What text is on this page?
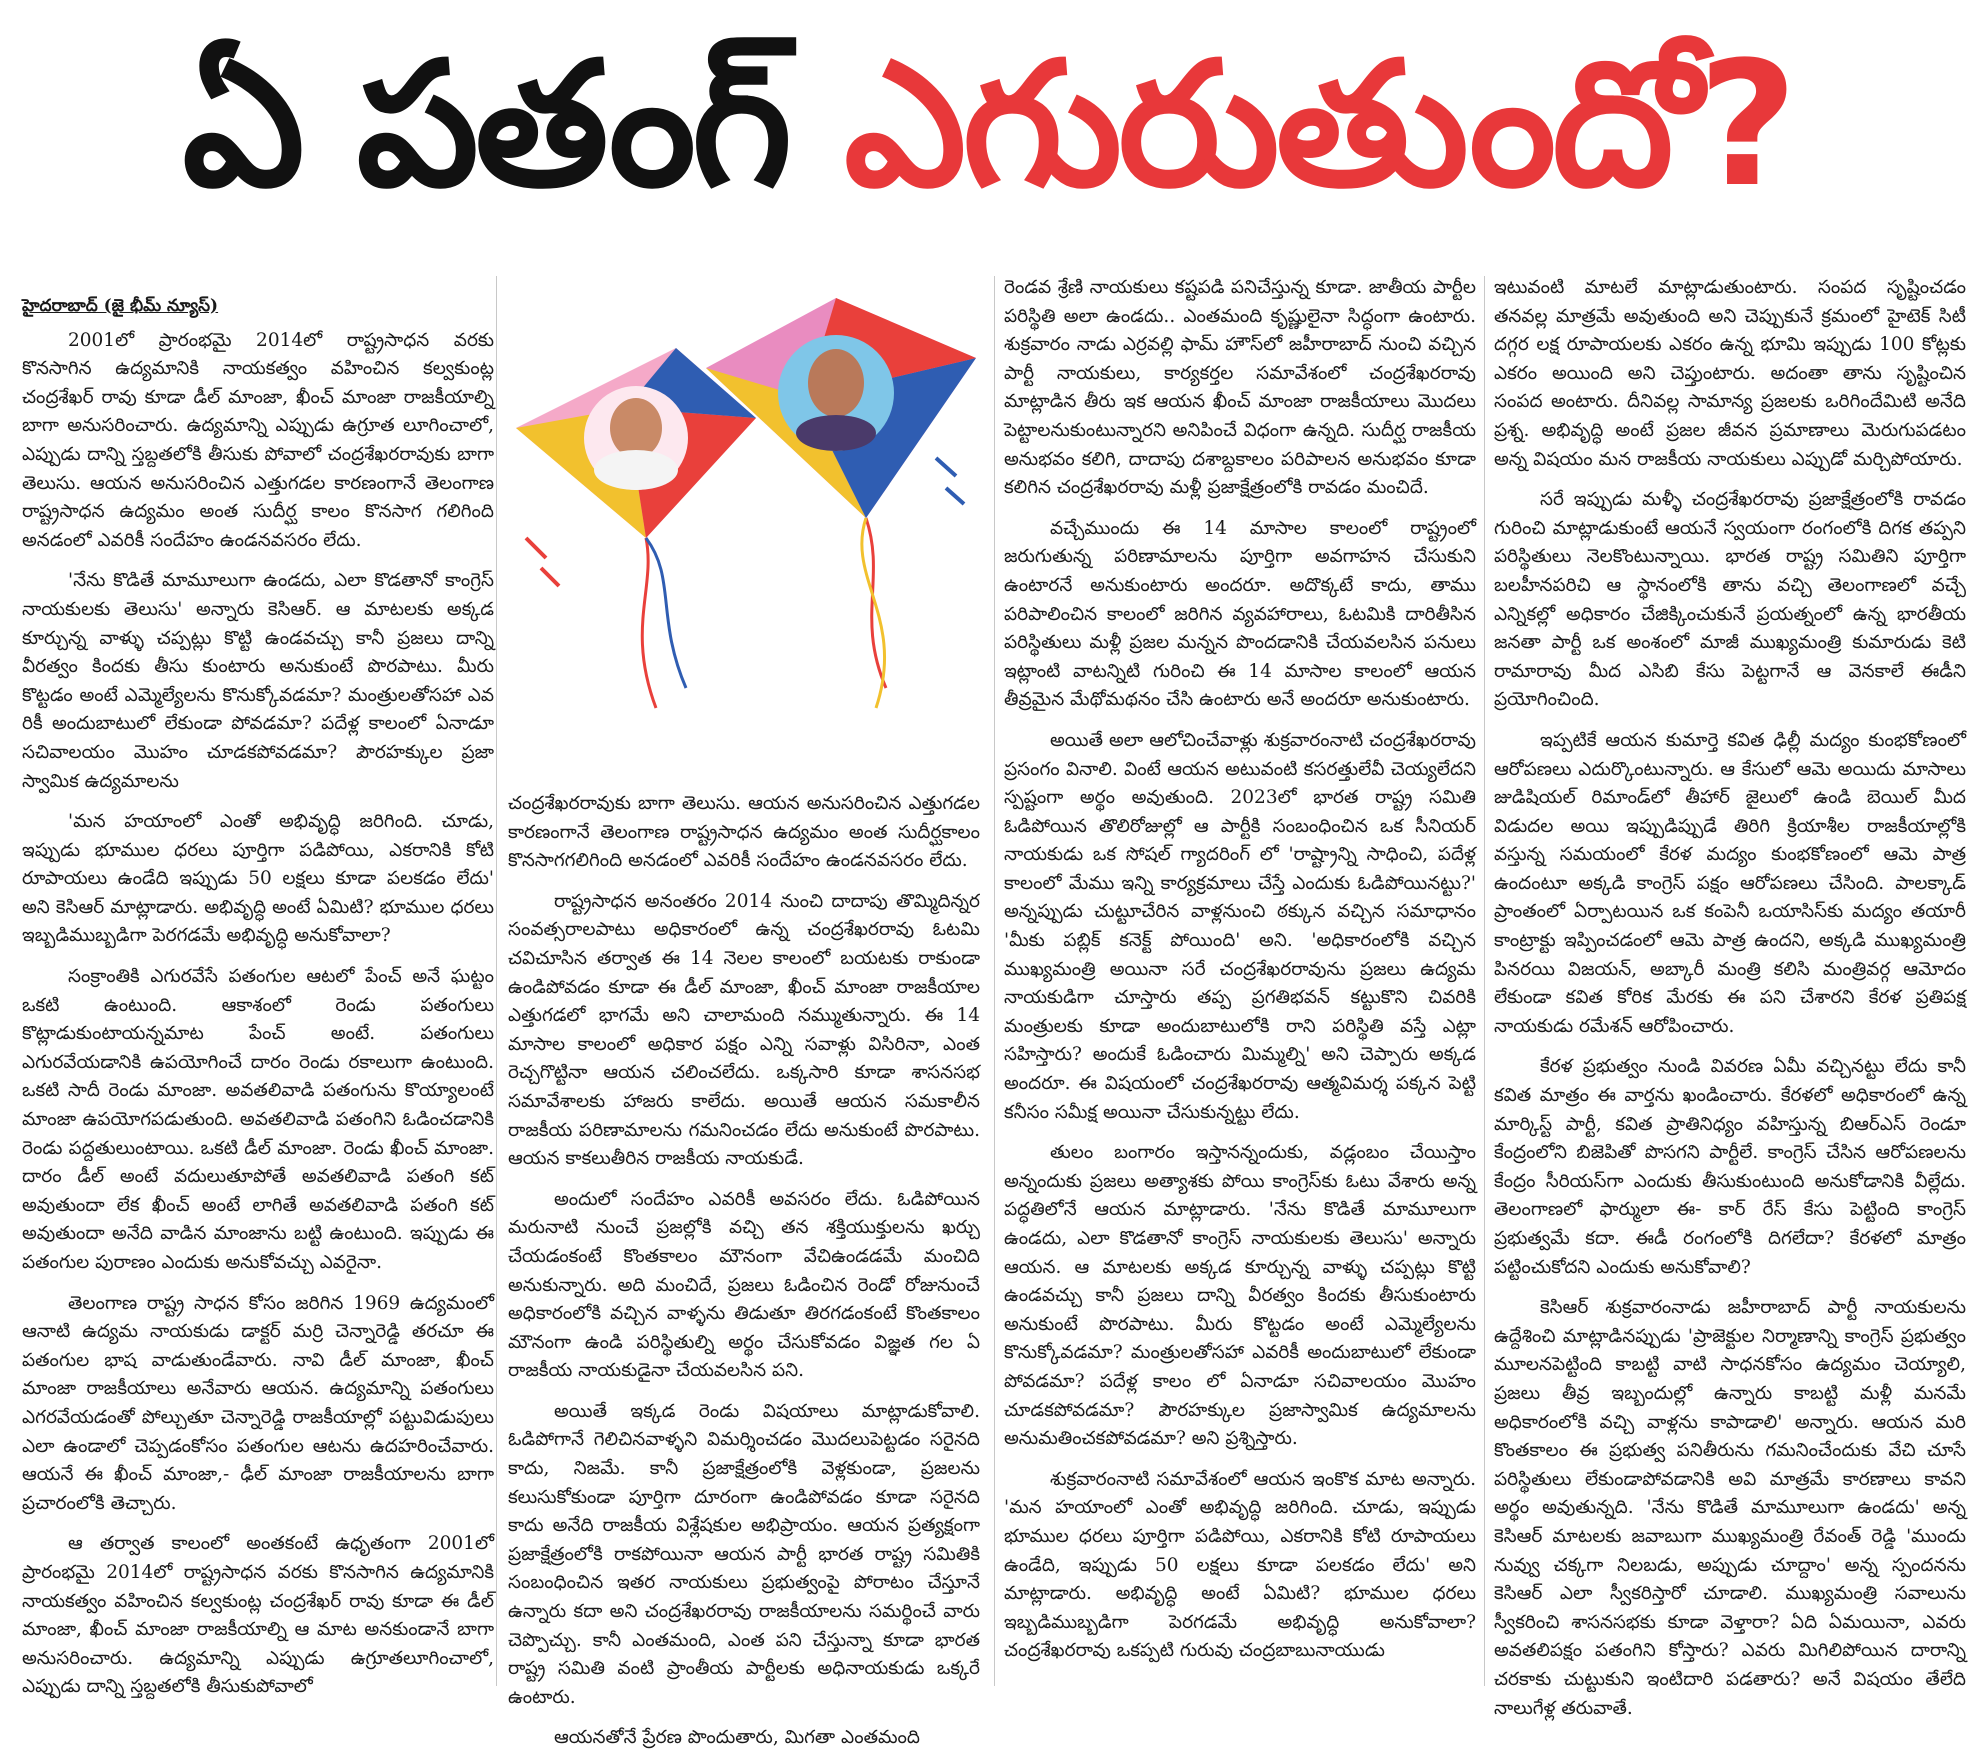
ఏ పతంగ్ ఎగురుతుందో?
హైదరాబాద్ (జై భీమ్ న్యూస్)

2001లో ప్రారంభమై 2014లో రాష్ట్రసాధన వరకు కొనసాగిన ఉద్యమానికి నాయకత్వం వహించిన కల్వకుంట్ల చంద్రశేఖర్ రావు కూడా డీల్ మాంజా, ఖీంచ్ మాంజా రాజకీయాల్ని బాగా అనుసరించారు. ఉద్యమాన్ని ఎప్పుడు ఉగ్రూత లూగించాలో, ఎప్పుడు దాన్ని స్తబ్దతలోకి తీసుకు పోవాలో చంద్రశేఖరరావుకు బాగా తెలుసు. ఆయన అనుసరించిన ఎత్తుగడల కారణంగానే తెలంగాణ రాష్ట్రసాధన ఉద్యమం అంత సుదీర్ఘ కాలం కొనసాగ గలిగింది అనడంలో ఎవరికీ సందేహం ఉండనవసరం లేదు.

'నేను కొడితే మామూలుగా ఉండదు, ఎలా కొడతానో కాంగ్రెస్ నాయకులకు తెలుసు' అన్నారు కెసిఆర్. ఆ మాటలకు అక్కడ కూర్చున్న వాళ్ళు చప్పట్లు కొట్టి ఉండవచ్చు కానీ ప్రజలు దాన్ని వీరత్వం కిందకు తీసు కుంటారు అనుకుంటే పొరపాటు. మీరు కొట్టడం అంటే ఎమ్మెల్యేలను కొనుక్కోవడమా? మంత్రులతోసహా ఎవ రికీ అందుబాటులో లేకుండా పోవడమా? పదేళ్ల కాలంలో ఏనాడూ సచివాలయం మొహం చూడకపోవడమా? పౌరహక్కుల ప్రజా స్వామిక ఉద్యమాలను

'మన హయాంలో ఎంతో అభివృద్ధి జరిగింది. చూడు, ఇప్పుడు భూముల ధరలు పూర్తిగా పడిపోయి, ఎకరానికి కోటి రూపాయలు ఉండేది ఇప్పుడు 50 లక్షలు కూడా పలకడం లేదు' అని కెసిఆర్ మాట్లాడారు. అభివృద్ధి అంటే ఏమిటి? భూముల ధరలు ఇబ్బడిముబ్బడిగా పెరగడమే అభివృద్ధి అనుకోవాలా?

సంక్రాంతికి ఎగురవేసే పతంగుల ఆటలో పేంచ్ అనే ఘట్టం ఒకటి ఉంటుంది. ఆకాశంలో రెండు పతంగులు కొట్లాడుకుంటాయన్నమాట పేంచ్ అంటే. పతంగులు ఎగురవేయడానికి ఉపయోగించే దారం రెండు రకాలుగా ఉంటుంది. ఒకటి సాదీ రెండు మాంజా. అవతలివాడి పతంగును కొయ్యాలంటే మాంజా ఉపయోగపడుతుంది. అవతలివాడి పతంగిని ఓడించడానికి రెండు పద్దతులుంటాయి. ఒకటి డీల్ మాంజా. రెండు ఖీంచ్ మాంజా. దారం డీల్ అంటే వదులుతూపోతే అవతలివాడి పతంగి కట్ అవుతుందా లేక ఖీంచ్ అంటే లాగితే అవతలివాడి పతంగి కట్ అవుతుందా అనేది వాడిన మాంజాను బట్టి ఉంటుంది. ఇప్పుడు ఈ పతంగుల పురాణం ఎందుకు అనుకోవచ్చు ఎవరైనా.

తెలంగాణ రాష్ట్ర సాధన కోసం జరిగిన 1969 ఉద్యమంలో ఆనాటి ఉద్యమ నాయకుడు డాక్టర్ మర్రి చెన్నారెడ్డి తరచూ ఈ పతంగుల భాష వాడుతుండేవారు. నావి డీల్ మాంజా, ఖీంచ్ మాంజా రాజకీయాలు అనేవారు ఆయన. ఉద్యమాన్ని పతంగులు ఎగరవేయడంతో పోల్చుతూ చెన్నారెడ్డి రాజకీయాల్లో పట్టువిడుపులు ఎలా ఉండాలో చెప్పడంకోసం పతంగుల ఆటను ఉదహరించేవారు. ఆయనే ఈ ఖీంచ్ మాంజా,- ఢీల్ మాంజా రాజకీయాలను బాగా ప్రచారంలోకి తెచ్చారు.

ఆ తర్వాత కాలంలో అంతకంటే ఉధృతంగా 2001లో ప్రారంభమై 2014లో రాష్ట్రసాధన వరకు కొనసాగిన ఉద్యమానికి నాయకత్వం వహించిన కల్వకుంట్ల చంద్రశేఖర్ రావు కూడా ఈ డీల్ మాంజా, ఖీంచ్ మాంజా రాజకీయాల్ని ఆ మాట అనకుండానే బాగా అనుసరించారు. ఉద్యమాన్ని ఎప్పుడు ఉగ్రూతలూగించాలో, ఎప్పుడు దాన్ని స్తబ్దతలోకి తీసుకుపోవాలో

చంద్రశేఖరరావుకు బాగా తెలుసు. ఆయన అనుసరించిన ఎత్తుగడల కారణంగానే తెలంగాణ రాష్ట్రసాధన ఉద్యమం అంత సుదీర్ఘకాలం కొనసాగగలిగింది అనడంలో ఎవరికీ సందేహం ఉండనవసరం లేదు.

రాష్ట్రసాధన అనంతరం 2014 నుంచి దాదాపు తొమ్మిదిన్నర సంవత్సరాలపాటు అధికారంలో ఉన్న చంద్రశేఖరరావు ఓటమి చవిచూసిన తర్వాత ఈ 14 నెలల కాలంలో బయటకు రాకుండా ఉండిపోవడం కూడా ఈ డీల్ మాంజా, ఖీంచ్ మాంజా రాజకీయాల ఎత్తుగడలో భాగమే అని చాలామంది నమ్ముతున్నారు. ఈ 14 మాసాల కాలంలో అధికార పక్షం ఎన్ని సవాళ్లు విసిరినా, ఎంత రెచ్చగొట్టినా ఆయన చలించలేదు. ఒక్కసారి కూడా శాసనసభ సమావేశాలకు హాజరు కాలేదు. అయితే ఆయన సమకాలీన రాజకీయ పరిణామాలను గమనించడం లేదు అనుకుంటే పొరపాటు. ఆయన కాకలుతీరిన రాజకీయ నాయకుడే.

అందులో సందేహం ఎవరికీ అవసరం లేదు. ఓడిపోయిన మరునాటి నుంచే ప్రజల్లోకి వచ్చి తన శక్తియుక్తులను ఖర్చు చేయడంకంటే కొంతకాలం మౌనంగా వేచిఉండడమే మంచిది అనుకున్నారు. అది మంచిదే, ప్రజలు ఓడించిన రెండో రోజునుంచే అధికారంలోకి వచ్చిన వాళ్ళను తిడుతూ తిరగడంకంటే కొంతకాలం మౌనంగా ఉండి పరిస్థితుల్ని అర్థం చేసుకోవడం విజ్ఞత గల ఏ రాజకీయ నాయకుడైనా చేయవలసిన పని.

అయితే ఇక్కడ రెండు విషయాలు మాట్లాడుకోవాలి. ఓడిపోగానే గెలిచినవాళ్ళని విమర్శించడం మొదలుపెట్టడం సరైనది కాదు, నిజమే. కానీ ప్రజాక్షేత్రంలోకి వెళ్లకుండా, ప్రజలను కలుసుకోకుండా పూర్తిగా దూరంగా ఉండిపోవడం కూడా సరైనది కాదు అనేది రాజకీయ విశ్లేషకుల అభిప్రాయం. ఆయన ప్రత్యక్షంగా ప్రజాక్షేత్రంలోకి రాకపోయినా ఆయన పార్టీ భారత రాష్ట్ర సమితికి సంబంధించిన ఇతర నాయకులు ప్రభుత్వంపై పోరాటం చేస్తూనే ఉన్నారు కదా అని చంద్రశేఖరరావు రాజకీయాలను సమర్థించే వారు చెప్పొచ్చు. కానీ ఎంతమంది, ఎంత పని చేస్తున్నా కూడా భారత రాష్ట్ర సమితి వంటి ప్రాంతీయ పార్టీలకు అధినాయకుడు ఒక్కరే ఉంటారు.

ఆయనతోనే ప్రేరణ పొందుతారు, మిగతా ఎంతమంది

రెండవ శ్రేణి నాయకులు కష్టపడి పనిచేస్తున్న కూడా. జాతీయ పార్టీల పరిస్థితి అలా ఉండదు.. ఎంతమంది కృష్ణులైనా సిద్ధంగా ఉంటారు. శుక్రవారం నాడు ఎర్రవల్లి ఫామ్ హౌస్‌లో జహీరాబాద్ నుంచి వచ్చిన పార్టీ నాయకులు, కార్యకర్తల సమావేశంలో చంద్రశేఖరరావు మాట్లాడిన తీరు ఇక ఆయన ఖీంచ్ మాంజా రాజకీయాలు మొదలు పెట్టాలనుకుంటున్నారని అనిపించే విధంగా ఉన్నది. సుదీర్ఘ రాజకీయ అనుభవం కలిగి, దాదాపు దశాబ్దకాలం పరిపాలన అనుభవం కూడా కలిగిన చంద్రశేఖరరావు మళ్లీ ప్రజాక్షేత్రంలోకి రావడం మంచిదే.

వచ్చేముందు ఈ 14 మాసాల కాలంలో రాష్ట్రంలో జరుగుతున్న పరిణామాలను పూర్తిగా అవగాహన చేసుకుని ఉంటారనే అనుకుంటారు అందరూ. అదొక్కటే కాదు, తాము పరిపాలించిన కాలంలో జరిగిన వ్యవహారాలు, ఓటమికి దారితీసిన పరిస్థితులు మళ్లీ ప్రజల మన్నన పొందడానికి చేయవలసిన పనులు ఇట్లాంటి వాటన్నిటి గురించి ఈ 14 మాసాల కాలంలో ఆయన తీవ్రమైన మేథోమథనం చేసి ఉంటారు అనే అందరూ అనుకుంటారు.

అయితే అలా ఆలోచించేవాళ్లు శుక్రవారంనాటి చంద్రశేఖరరావు ప్రసంగం వినాలి. వింటే ఆయన అటువంటి కసరత్తులేవీ చెయ్యలేదని స్పష్టంగా అర్థం అవుతుంది. 2023లో భారత రాష్ట్ర సమితి ఓడిపోయిన తొలిరోజుల్లో ఆ పార్టీకి సంబంధించిన ఒక సీనియర్ నాయకుడు ఒక సోషల్ గ్యాదరింగ్ లో 'రాష్ట్రాన్ని సాధించి, పదేళ్ల కాలంలో మేము ఇన్ని కార్యక్రమాలు చేస్తే ఎందుకు ఓడిపోయినట్టు?' అన్నప్పుడు చుట్టూచేరిన వాళ్లనుంచి ఠక్కున వచ్చిన సమాధానం 'మీకు పబ్లిక్ కనెక్ట్ పోయింది' అని. 'అధికారంలోకి వచ్చిన ముఖ్యమంత్రి అయినా సరే చంద్రశేఖరరావును ప్రజలు ఉద్యమ నాయకుడిగా చూస్తారు తప్ప ప్రగతిభవన్ కట్టుకొని చివరికి మంత్రులకు కూడా అందుబాటులోకి రాని పరిస్థితి వస్తే ఎట్లా సహిస్తారు? అందుకే ఓడించారు మిమ్మల్ని' అని చెప్పారు అక్కడ అందరూ. ఈ విషయంలో చంద్రశేఖరరావు ఆత్మవిమర్శ పక్కన పెట్టి కనీసం సమీక్ష అయినా చేసుకున్నట్టు లేదు.

తులం బంగారం ఇస్తానన్నందుకు, వడ్లంబం చేయిస్తాం అన్నందుకు ప్రజలు అత్యాశకు పోయి కాంగ్రెస్‌కు ఓటు వేశారు అన్న పద్ధతిలోనే ఆయన మాట్లాడారు. 'నేను కొడితే మామూలుగా ఉండదు, ఎలా కొడతానో కాంగ్రెస్ నాయకులకు తెలుసు' అన్నారు ఆయన. ఆ మాటలకు అక్కడ కూర్చున్న వాళ్ళు చప్పట్లు కొట్టి ఉండవచ్చు కానీ ప్రజలు దాన్ని వీరత్వం కిందకు తీసుకుంటారు అనుకుంటే పొరపాటు. మీరు కొట్టడం అంటే ఎమ్మెల్యేలను కొనుక్కోవడమా? మంత్రులతోసహా ఎవరికీ అందుబాటులో లేకుండా పోవడమా? పదేళ్ల కాలం లో ఏనాడూ సచివాలయం మొహం చూడకపోవడమా? పౌరహక్కుల ప్రజాస్వామిక ఉద్యమాలను అనుమతించకపోవడమా? అని ప్రశ్నిస్తారు.

శుక్రవారంనాటి సమావేశంలో ఆయన ఇంకొక మాట అన్నారు. 'మన హయాంలో ఎంతో అభివృద్ధి జరిగింది. చూడు, ఇప్పుడు భూముల ధరలు పూర్తిగా పడిపోయి, ఎకరానికి కోటి రూపాయలు ఉండేది, ఇప్పుడు 50 లక్షలు కూడా పలకడం లేదు' అని మాట్లాడారు. అభివృద్ధి అంటే ఏమిటి? భూముల ధరలు ఇబ్బడిముబ్బడిగా పెరగడమే అభివృద్ధి అనుకోవాలా? చంద్రశేఖరరావు ఒకప్పటి గురువు చంద్రబాబునాయుడు

ఇటువంటి మాటలే మాట్లాడుతుంటారు. సంపద సృష్టించడం తనవల్ల మాత్రమే అవుతుంది అని చెప్పుకునే క్రమంలో హైటెక్ సిటీ దగ్గర లక్ష రూపాయలకు ఎకరం ఉన్న భూమి ఇప్పుడు 100 కోట్లకు ఎకరం అయింది అని చెప్తుంటారు. అదంతా తాను సృష్టించిన సంపద అంటారు. దీనివల్ల సామాన్య ప్రజలకు ఒరిగిందేమిటి అనేది ప్రశ్న. అభివృద్ధి అంటే ప్రజల జీవన ప్రమాణాలు మెరుగుపడటం అన్న విషయం మన రాజకీయ నాయకులు ఎప్పుడో మర్చిపోయారు.

సరే ఇప్పుడు మళ్ళీ చంద్రశేఖరరావు ప్రజాక్షేత్రంలోకి రావడం గురించి మాట్లాడుకుంటే ఆయనే స్వయంగా రంగంలోకి దిగక తప్పని పరిస్థితులు నెలకొంటున్నాయి. భారత రాష్ట్ర సమితిని పూర్తిగా బలహీనపరిచి ఆ స్థానంలోకి తాను వచ్చి తెలంగాణలో వచ్చే ఎన్నికల్లో అధికారం చేజిక్కించుకునే ప్రయత్నంలో ఉన్న భారతీయ జనతా పార్టీ ఒక అంశంలో మాజీ ముఖ్యమంత్రి కుమారుడు కెటి రామారావు మీద ఎసిబి కేసు పెట్టగానే ఆ వెనకాలే ఈడీని ప్రయోగించింది.

ఇప్పటికే ఆయన కుమార్తె కవిత ఢిల్లీ మద్యం కుంభకోణంలో ఆరోపణలు ఎదుర్కొంటున్నారు. ఆ కేసులో ఆమె అయిదు మాసాలు జుడిషియల్ రిమాండ్‌లో తీహార్ జైలులో ఉండి బెయిల్ మీద విడుదల అయి ఇప్పుడిప్పుడే తిరిగి క్రియాశీల రాజకీయాల్లోకి వస్తున్న సమయంలో కేరళ మద్యం కుంభకోణంలో ఆమె పాత్ర ఉందంటూ అక్కడి కాంగ్రెస్ పక్షం ఆరోపణలు చేసింది. పాలక్కాడ్ ప్రాంతంలో ఏర్పాటయిన ఒక కంపెనీ ఒయాసిస్‌కు మద్యం తయారీ కాంట్రాక్టు ఇప్పించడంలో ఆమె పాత్ర ఉందని, అక్కడి ముఖ్యమంత్రి పినరయి విజయన్, అబ్కారీ మంత్రి కలిసి మంత్రివర్గ ఆమోదం లేకుండా కవిత కోరిక మేరకు ఈ పని చేశారని కేరళ ప్రతిపక్ష నాయకుడు రమేశన్ ఆరోపించారు.

కేరళ ప్రభుత్వం నుండి వివరణ ఏమీ వచ్చినట్టు లేదు కానీ కవిత మాత్రం ఈ వార్తను ఖండించారు. కేరళలో అధికారంలో ఉన్న మార్కిస్ట్ పార్టీ, కవిత ప్రాతినిధ్యం వహిస్తున్న బిఆర్ఎస్ రెండూ కేంద్రంలోని బిజెపితో పొసగని పార్టీలే. కాంగ్రెస్ చేసిన ఆరోపణలను కేంద్రం సీరియస్‌గా ఎందుకు తీసుకుంటుంది అనుకోడానికి వీల్లేదు. తెలంగాణలో ఫార్ములా ఈ- కార్ రేస్ కేసు పెట్టింది కాంగ్రెస్ ప్రభుత్వమే కదా. ఈడీ రంగంలోకి దిగలేదా? కేరళలో మాత్రం పట్టించుకోదని ఎందుకు అనుకోవాలి?

కెసిఆర్ శుక్రవారంనాడు జహీరాబాద్ పార్టీ నాయకులను ఉద్దేశించి మాట్లాడినప్పుడు 'ప్రాజెక్టుల నిర్మాణాన్ని కాంగ్రెస్ ప్రభుత్వం మూలనపెట్టింది కాబట్టి వాటి సాధనకోసం ఉద్యమం చెయ్యాలి, ప్రజలు తీవ్ర ఇబ్బందుల్లో ఉన్నారు కాబట్టి మళ్లీ మనమే అధికారంలోకి వచ్చి వాళ్లను కాపాడాలి' అన్నారు. ఆయన మరి కొంతకాలం ఈ ప్రభుత్వ పనితీరును గమనించేందుకు వేచి చూసే పరిస్థితులు లేకుండాపోవడానికి అవి మాత్రమే కారణాలు కావని అర్థం అవుతున్నది. 'నేను కొడితే మామూలుగా ఉండదు' అన్న కెసిఆర్ మాటలకు జవాబుగా ముఖ్యమంత్రి రేవంత్ రెడ్డి 'ముందు నువ్వు చక్కగా నిలబడు, అప్పుడు చూద్దాం' అన్న స్పందనను కెసిఆర్ ఎలా స్వీకరిస్తారో చూడాలి. ముఖ్యమంత్రి సవాలును స్వీకరించి శాసనసభకు కూడా వెళ్తారా? ఏది ఏమయినా, ఎవరు అవతలిపక్షం పతంగిని కోస్తారు? ఎవరు మిగిలిపోయిన దారాన్ని చరకాకు చుట్టుకుని ఇంటిదారి పడతారు? అనే విషయం తేలేది నాలుగేళ్ల తరువాతే.
